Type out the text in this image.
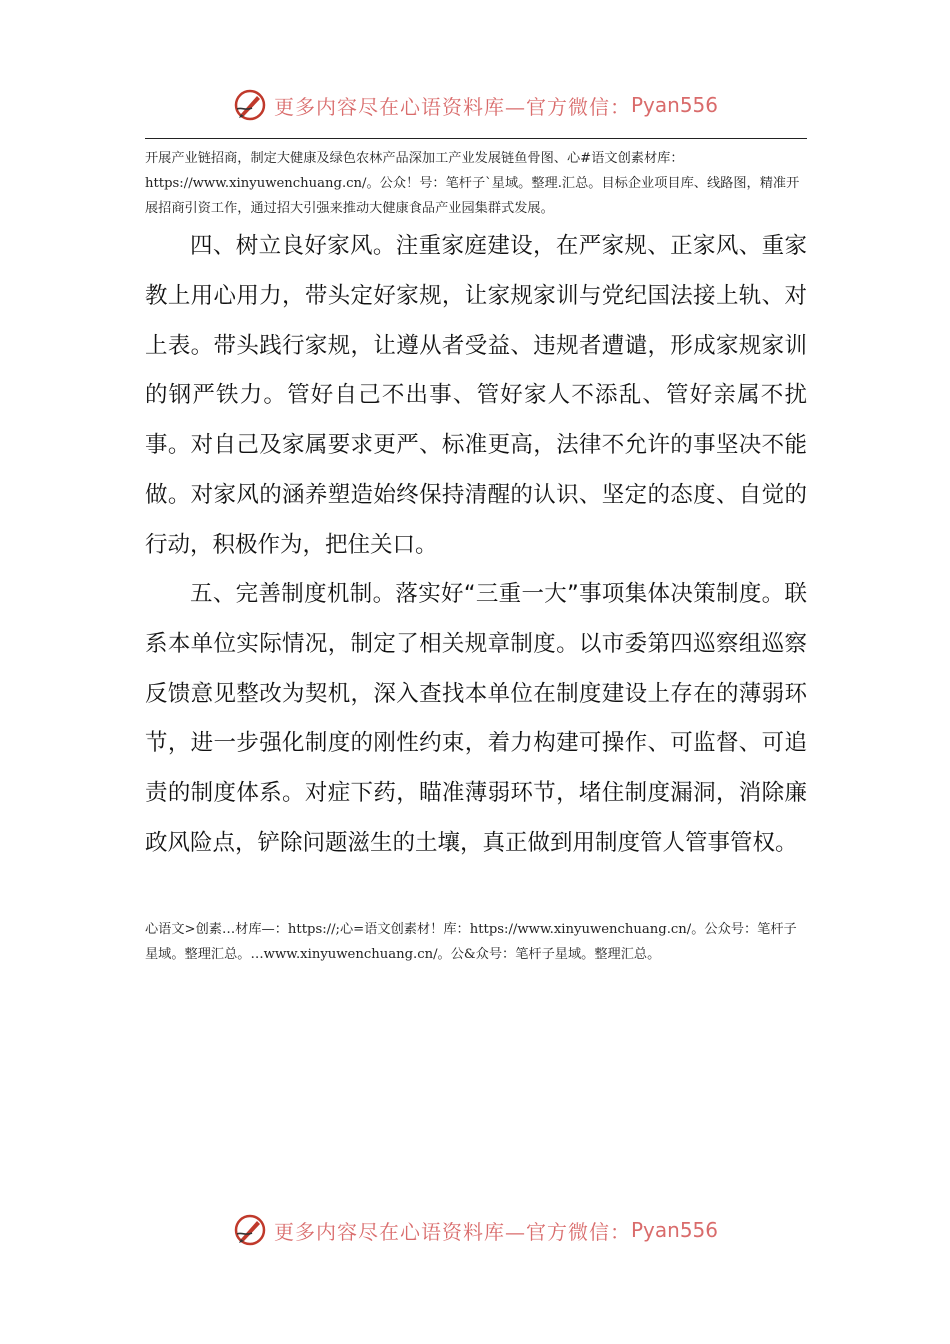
更多内容尽在心语资料库—官方微信： Pyan556

开展产业链招商，制定大健康及绿色农林产品深加工产业发展链鱼骨图、心#语文创素材库：https://www.xinyuwenchuang.cn/。公众！号：笔杆子`星域。整理.汇总。目标企业项目库、线路图，精准开展招商引资工作，通过招大引强来推动大健康食品产业园集群式发展。

四、树立良好家风。注重家庭建设，在严家规、正家风、重家教上用心用力，带头定好家规，让家规家训与党纪国法接上轨、对上表。带头践行家规，让遵从者受益、违规者遭谴，形成家规家训的钢严铁力。管好自己不出事、管好家人不添乱、管好亲属不扰事。对自己及家属要求更严、标准更高，法律不允许的事坚决不能做。对家风的涵养塑造始终保持清醒的认识、坚定的态度、自觉的行动，积极作为，把住关口。

五、完善制度机制。落实好“三重一大”事项集体决策制度。联系本单位实际情况，制定了相关规章制度。以市委第四巡察组巡察反馈意见整改为契机，深入查找本单位在制度建设上存在的薄弱环节，进一步强化制度的刚性约束，着力构建可操作、可监督、可追责的制度体系。对症下药，瞄准薄弱环节，堵住制度漏洞，消除廉政风险点，铲除问题滋生的土壤，真正做到用制度管人管事管权。

心语文>创素…材库—：https://;心=语文创素材！库：https://www.xinyuwenchuang.cn/。公众号：笔杆子星域。整理汇总。…www.xinyuwenchuang.cn/。公&众号：笔杆子星域。整理汇总。

更多内容尽在心语资料库—官方微信： Pyan556
